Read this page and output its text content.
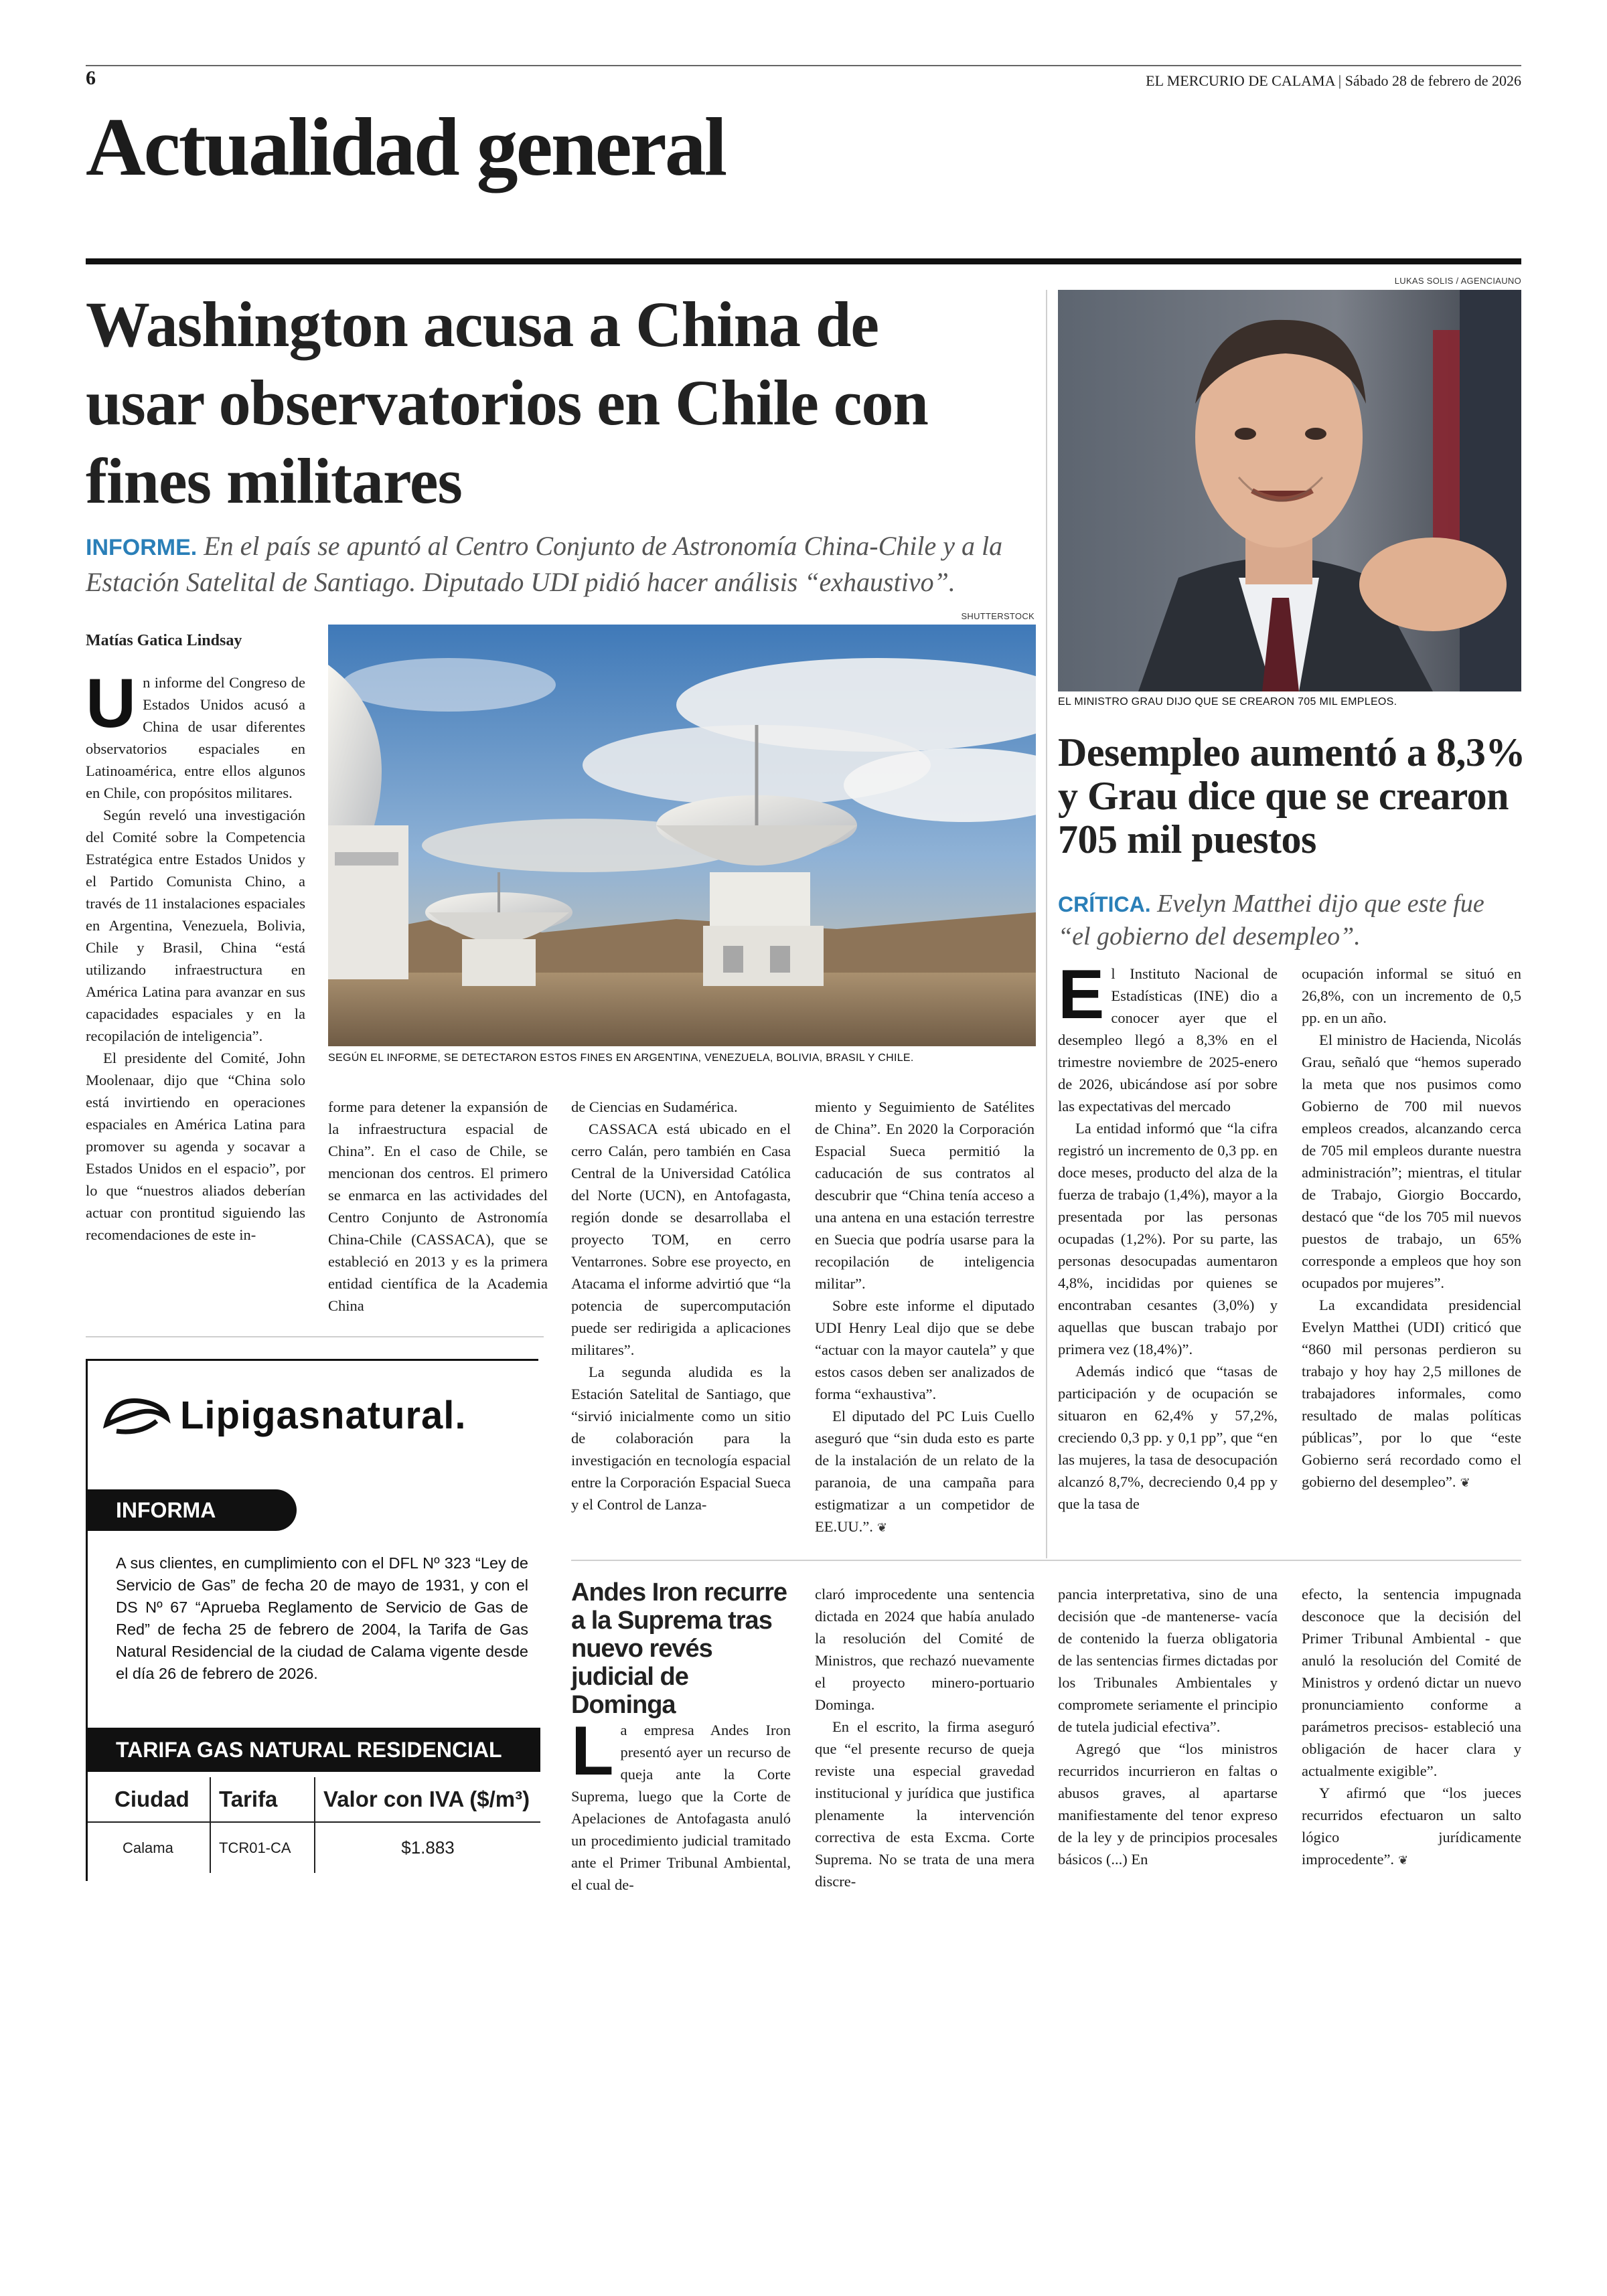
6	EL MERCURIO DE CALAMA | Sábado 28 de febrero de 2026
Actualidad general
Washington acusa a China de usar observatorios en Chile con fines militares
INFORME. En el país se apuntó al Centro Conjunto de Astronomía China-Chile y a la Estación Satelital de Santiago. Diputado UDI pidió hacer análisis “exhaustivo”.
Matías Gatica Lindsay
SHUTTERSTOCK
SEGÚN EL INFORME, SE DETECTARON ESTOS FINES EN ARGENTINA, VENEZUELA, BOLIVIA, BRASIL Y CHILE.

Un informe del Congreso de Estados Unidos acusó a China de usar diferentes observatorios espaciales en Latinoamérica, entre ellos algunos en Chile, con propósitos militares.

Según reveló una investigación del Comité sobre la Competencia Estratégica entre Estados Unidos y el Partido Comunista Chino, a través de 11 instalaciones espaciales en Argentina, Venezuela, Bolivia, Chile y Brasil, China “está utilizando infraestructura en América Latina para avanzar en sus capacidades espaciales y en la recopilación de inteligencia”.

El presidente del Comité, John Moolenaar, dijo que “China solo está invirtiendo en operaciones espaciales en América Latina para promover su agenda y socavar a Estados Unidos en el espacio”, por lo que “nuestros aliados deberían actuar con prontitud siguiendo las recomendaciones de este in-

forme para detener la expansión de la infraestructura espacial de China”. En el caso de Chile, se mencionan dos centros. El primero se enmarca en las actividades del Centro Conjunto de Astronomía China-Chile (CASSACA), que se estableció en 2013 y es la primera entidad científica de la Academia China

de Ciencias en Sudamérica.

CASSACA está ubicado en el cerro Calán, pero también en Casa Central de la Universidad Católica del Norte (UCN), en Antofagasta, región donde se desarrollaba el proyecto TOM, en cerro Ventarrones. Sobre ese proyecto, en Atacama el informe advirtió que “la potencia de supercomputación puede ser redirigida a aplicaciones militares”.

La segunda aludida es la Estación Satelital de Santiago, que “sirvió inicialmente como un sitio de colaboración para la investigación en tecnología espacial entre la Corporación Espacial Sueca y el Control de Lanza-

miento y Seguimiento de Satélites de China”. En 2020 la Corporación Espacial Sueca permitió la caducación de sus contratos al descubrir que “China tenía acceso a una antena en una estación terrestre en Suecia que podría usarse para la recopilación de inteligencia militar”.

Sobre este informe el diputado UDI Henry Leal dijo que se debe “actuar con la mayor cautela” y que estos casos deben ser analizados de forma “exhaustiva”.

El diputado del PC Luis Cuello aseguró que “sin duda esto es parte de la instalación de un relato de la paranoia, de una campaña para estigmatizar a un competidor de EE.UU.”. ❦

LUKAS SOLIS / AGENCIAUNO
EL MINISTRO GRAU DIJO QUE SE CREARON 705 MIL EMPLEOS.
Desempleo aumentó a 8,3% y Grau dice que se crearon 705 mil puestos
CRÍTICA. Evelyn Matthei dijo que este fue “el gobierno del desempleo”.

El Instituto Nacional de Estadísticas (INE) dio a conocer ayer que el desempleo llegó a 8,3% en el trimestre noviembre de 2025-enero de 2026, ubicándose así por sobre las expectativas del mercado

La entidad informó que “la cifra registró un incremento de 0,3 pp. en doce meses, producto del alza de la fuerza de trabajo (1,4%), mayor a la presentada por las personas ocupadas (1,2%). Por su parte, las personas desocupadas aumentaron 4,8%, incididas por quienes se encontraban cesantes (3,0%) y aquellas que buscan trabajo por primera vez (18,4%)”.

Además indicó que “tasas de participación y de ocupación se situaron en 62,4% y 57,2%, creciendo 0,3 pp. y 0,1 pp”, que “en las mujeres, la tasa de desocupación alcanzó 8,7%, decreciendo 0,4 pp y que la tasa de

ocupación informal se situó en 26,8%, con un incremento de 0,5 pp. en un año.

El ministro de Hacienda, Nicolás Grau, señaló que “hemos superado la meta que nos pusimos como Gobierno de 700 mil nuevos empleos creados, alcanzando cerca de 705 mil empleos durante nuestra administración”; mientras, el titular de Trabajo, Giorgio Boccardo, destacó que “de los 705 mil nuevos puestos de trabajo, un 65% corresponde a empleos que hoy son ocupados por mujeres”.

La excandidata presidencial Evelyn Matthei (UDI) criticó que “860 mil personas perdieron su trabajo y hoy hay 2,5 millones de trabajadores informales, como resultado de malas políticas públicas”, por lo que “este Gobierno será recordado como el gobierno del desempleo”. ❦

Lipigasnatural.
INFORMA
A sus clientes, en cumplimiento con el DFL Nº 323 “Ley de Servicio de Gas” de fecha 20 de mayo de 1931, y con el DS Nº 67 “Aprueba Reglamento de Servicio de Gas de Red” de fecha 25 de febrero de 2004, la Tarifa de Gas Natural Residencial de la ciudad de Calama vigente desde el día 26 de febrero de 2026.
TARIFA GAS NATURAL RESIDENCIAL
Ciudad	Tarifa	Valor con IVA ($/m³)
Calama	TCR01-CA	$1.883
Andes Iron recurre a la Suprema tras nuevo revés judicial de Dominga

La empresa Andes Iron presentó ayer un recurso de queja ante la Corte Suprema, luego que la Corte de Apelaciones de Antofagasta anuló un procedimiento judicial tramitado ante el Primer Tribunal Ambiental, el cual de-

claró improcedente una sentencia dictada en 2024 que había anulado la resolución del Comité de Ministros, que rechazó nuevamente el proyecto minero-portuario Dominga.

En el escrito, la firma aseguró que “el presente recurso de queja reviste una especial gravedad institucional y jurídica que justifica plenamente la intervención correctiva de esta Excma. Corte Suprema. No se trata de una mera discre-

pancia interpretativa, sino de una decisión que -de mantenerse- vacía de contenido la fuerza obligatoria de las sentencias firmes dictadas por los Tribunales Ambientales y compromete seriamente el principio de tutela judicial efectiva”.

Agregó que “los ministros recurridos incurrieron en faltas o abusos graves, al apartarse manifiestamente del tenor expreso de la ley y de principios procesales básicos (...) En

efecto, la sentencia impugnada desconoce que la decisión del Primer Tribunal Ambiental - que anuló la resolución del Comité de Ministros y ordenó dictar un nuevo pronunciamiento conforme a parámetros precisos- estableció una obligación de hacer clara y actualmente exigible”.

Y afirmó que “los jueces recurridos efectuaron un salto lógico jurídicamente improcedente”. ❦
